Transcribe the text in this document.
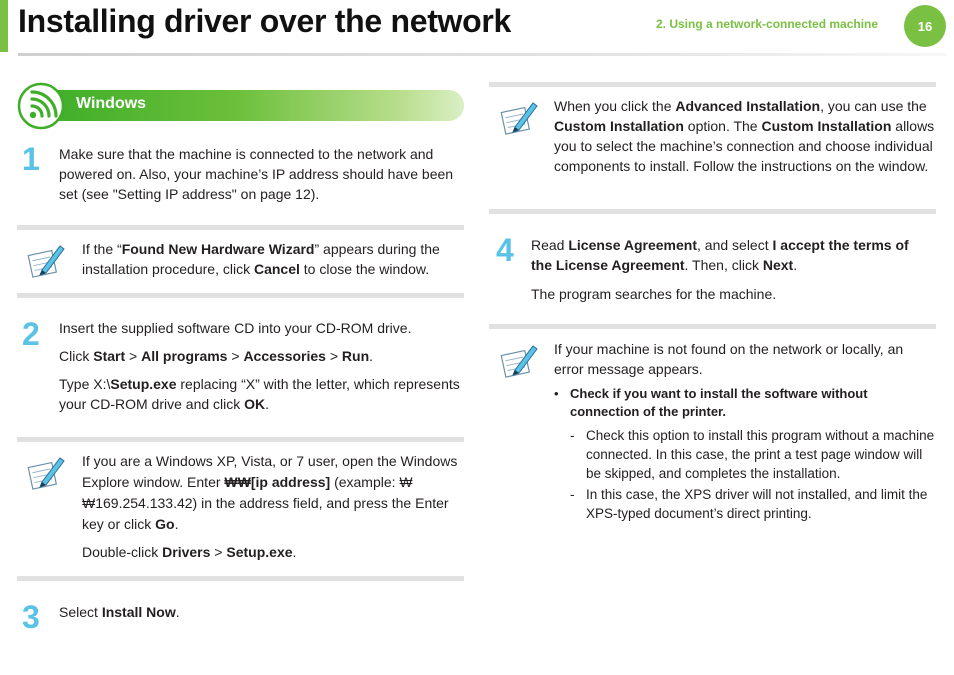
Installing driver over the network	2. Using a network-connected machine	16
Windows
1 Make sure that the machine is connected to the network and powered on. Also, your machine’s IP address should have been set (see "Setting IP address" on page 12).

If the “Found New Hardware Wizard” appears during the installation procedure, click Cancel to close the window.

2 Insert the supplied software CD into your CD-ROM drive.

Click Start > All programs > Accessories > Run.

Type X:\Setup.exe replacing “X” with the letter, which represents your CD-ROM drive and click OK.

If you are a Windows XP, Vista, or 7 user, open the Windows Explore window. Enter ₩₩[ip address] (example: ₩₩169.254.133.42) in the address field, and press the Enter key or click Go.

Double-click Drivers > Setup.exe.

3 Select Install Now.

When you click the Advanced Installation, you can use the Custom Installation option. The Custom Installation allows you to select the machine’s connection and choose individual components to install. Follow the instructions on the window.

4 Read License Agreement, and select I accept the terms of the License Agreement. Then, click Next.

The program searches for the machine.

If your machine is not found on the network or locally, an error message appears.

• Check if you want to install the software without connection of the printer.
- Check this option to install this program without a machine connected. In this case, the print a test page window will be skipped, and completes the installation.
- In this case, the XPS driver will not installed, and limit the XPS-typed document’s direct printing.
